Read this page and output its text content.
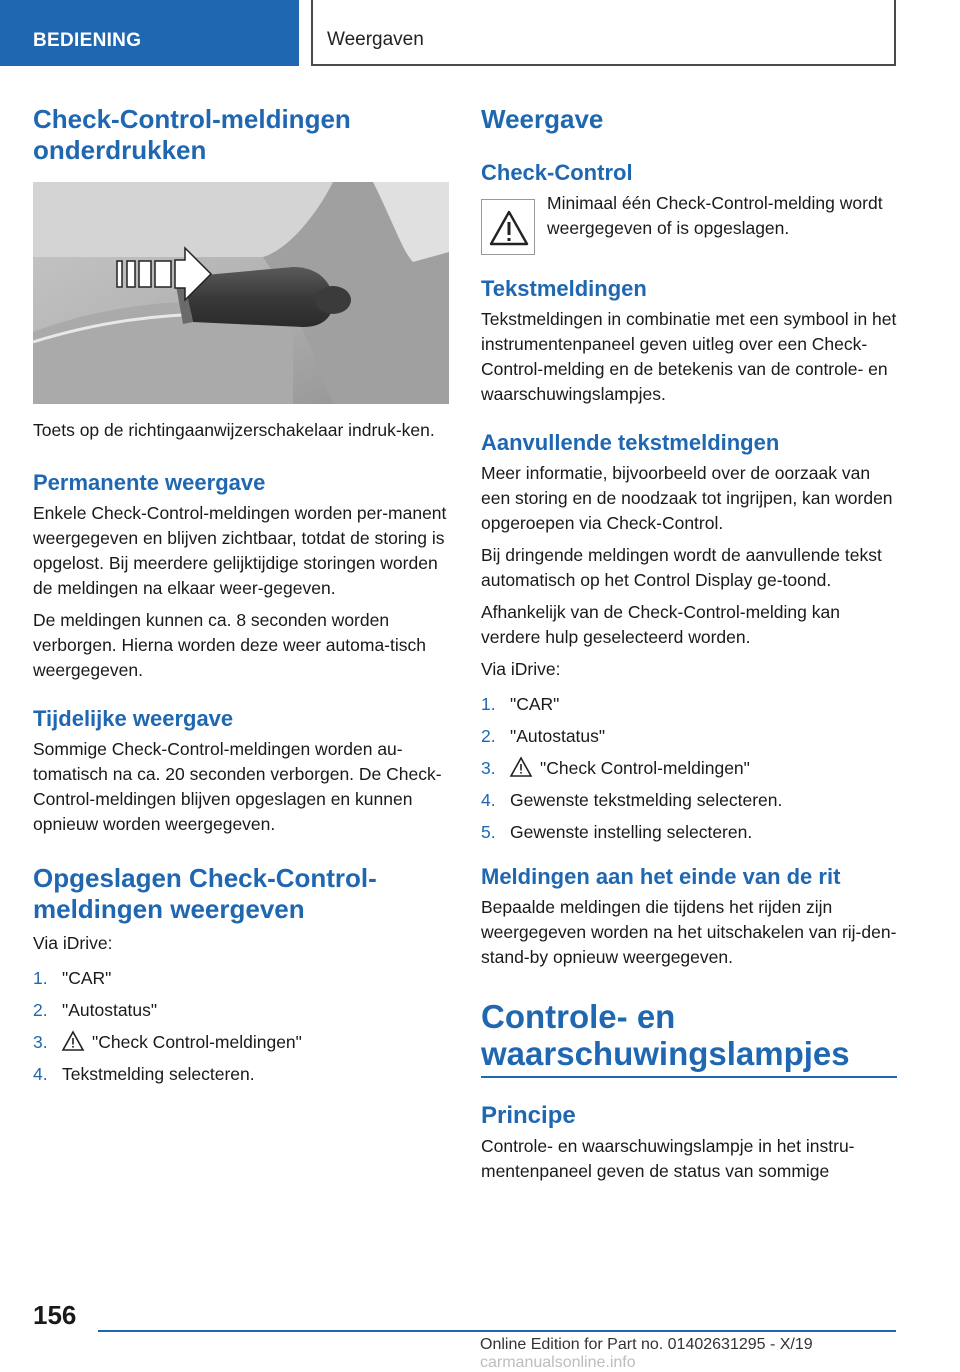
BEDIENING	Weergaven
Check-Control-meldingen onderdrukken

Toets op de richtingaanwijzerschakelaar indruk-ken.

Permanente weergave

Enkele Check-Control-meldingen worden per-manent weergegeven en blijven zichtbaar, totdat de storing is opgelost. Bij meerdere gelijktijdige storingen worden de meldingen na elkaar weer-gegeven.

De meldingen kunnen ca. 8 seconden worden verborgen. Hierna worden deze weer automa-tisch weergegeven.

Tijdelijke weergave

Sommige Check-Control-meldingen worden au-tomatisch na ca. 20 seconden verborgen. De Check-Control-meldingen blijven opgeslagen en kunnen opnieuw worden weergegeven.

Opgeslagen Check-Control-meldingen weergeven

Via iDrive:

1. "CAR"
2. "Autostatus"
3.	"Check Control-meldingen"
4. Tekstmelding selecteren.
Weergave
Check-Control

Minimaal één Check-Control-melding wordt weergegeven of is opgeslagen.

Tekstmeldingen

Tekstmeldingen in combinatie met een symbool in het instrumentenpaneel geven uitleg over een Check-Control-melding en de betekenis van de controle- en waarschuwingslampjes.

Aanvullende tekstmeldingen

Meer informatie, bijvoorbeeld over de oorzaak van een storing en de noodzaak tot ingrijpen, kan worden opgeroepen via Check-Control.

Bij dringende meldingen wordt de aanvullende tekst automatisch op het Control Display ge-toond.

Afhankelijk van de Check-Control-melding kan verdere hulp geselecteerd worden.

Via iDrive:

1. "CAR"
2. "Autostatus"
3.	"Check Control-meldingen"
4. Gewenste tekstmelding selecteren.
5. Gewenste instelling selecteren.
Meldingen aan het einde van de rit

Bepaalde meldingen die tijdens het rijden zijn weergegeven worden na het uitschakelen van rij-den-stand-by opnieuw weergegeven.

Controle- en waarschuwingslampjes
Principe

Controle- en waarschuwingslampje in het instru-mentenpaneel geven de status van sommige

156
Online Edition for Part no. 01402631295 - X/19 carmanualsonline.info
